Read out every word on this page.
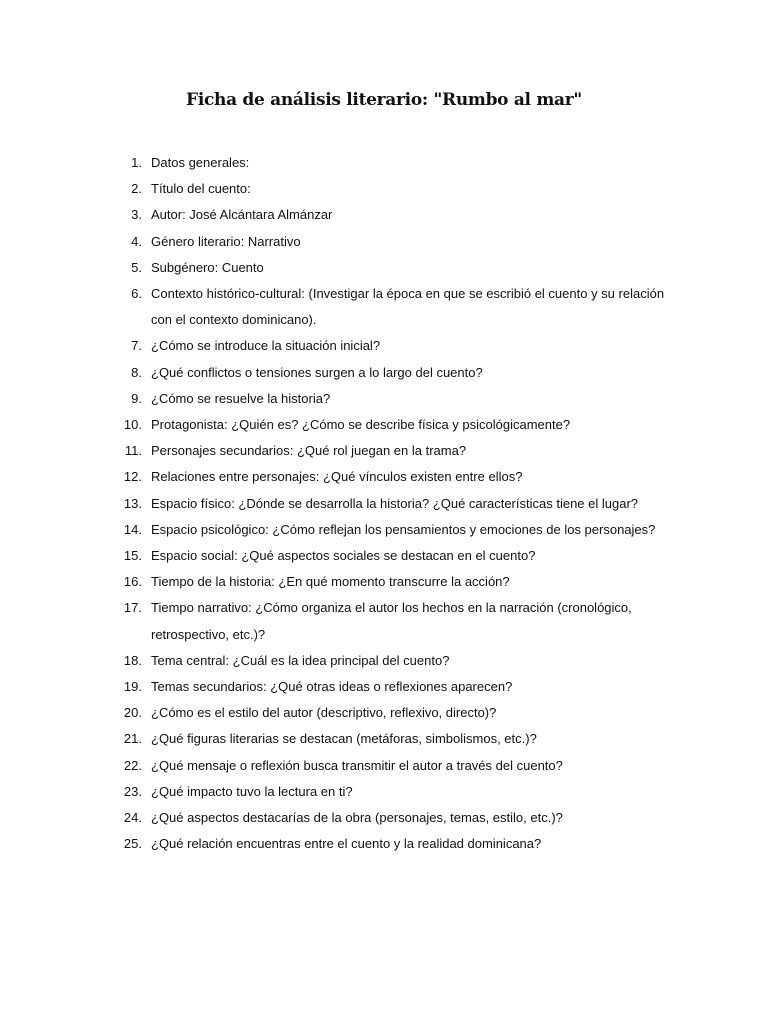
Ficha de análisis literario: "Rumbo al mar"
1. Datos generales:
2. Título del cuento:
3. Autor: José Alcántara Almánzar
4. Género literario: Narrativo
5. Subgénero: Cuento
6. Contexto histórico-cultural: (Investigar la época en que se escribió el cuento y su relación con el contexto dominicano).
7. ¿Cómo se introduce la situación inicial?
8. ¿Qué conflictos o tensiones surgen a lo largo del cuento?
9. ¿Cómo se resuelve la historia?
10. Protagonista: ¿Quién es? ¿Cómo se describe física y psicológicamente?
11. Personajes secundarios: ¿Qué rol juegan en la trama?
12. Relaciones entre personajes: ¿Qué vínculos existen entre ellos?
13. Espacio físico: ¿Dónde se desarrolla la historia? ¿Qué características tiene el lugar?
14. Espacio psicológico: ¿Cómo reflejan los pensamientos y emociones de los personajes?
15. Espacio social: ¿Qué aspectos sociales se destacan en el cuento?
16. Tiempo de la historia: ¿En qué momento transcurre la acción?
17. Tiempo narrativo: ¿Cómo organiza el autor los hechos en la narración (cronológico, retrospectivo, etc.)?
18. Tema central: ¿Cuál es la idea principal del cuento?
19. Temas secundarios: ¿Qué otras ideas o reflexiones aparecen?
20. ¿Cómo es el estilo del autor (descriptivo, reflexivo, directo)?
21. ¿Qué figuras literarias se destacan (metáforas, simbolismos, etc.)?
22. ¿Qué mensaje o reflexión busca transmitir el autor a través del cuento?
23. ¿Qué impacto tuvo la lectura en ti?
24. ¿Qué aspectos destacarías de la obra (personajes, temas, estilo, etc.)?
25. ¿Qué relación encuentras entre el cuento y la realidad dominicana?
